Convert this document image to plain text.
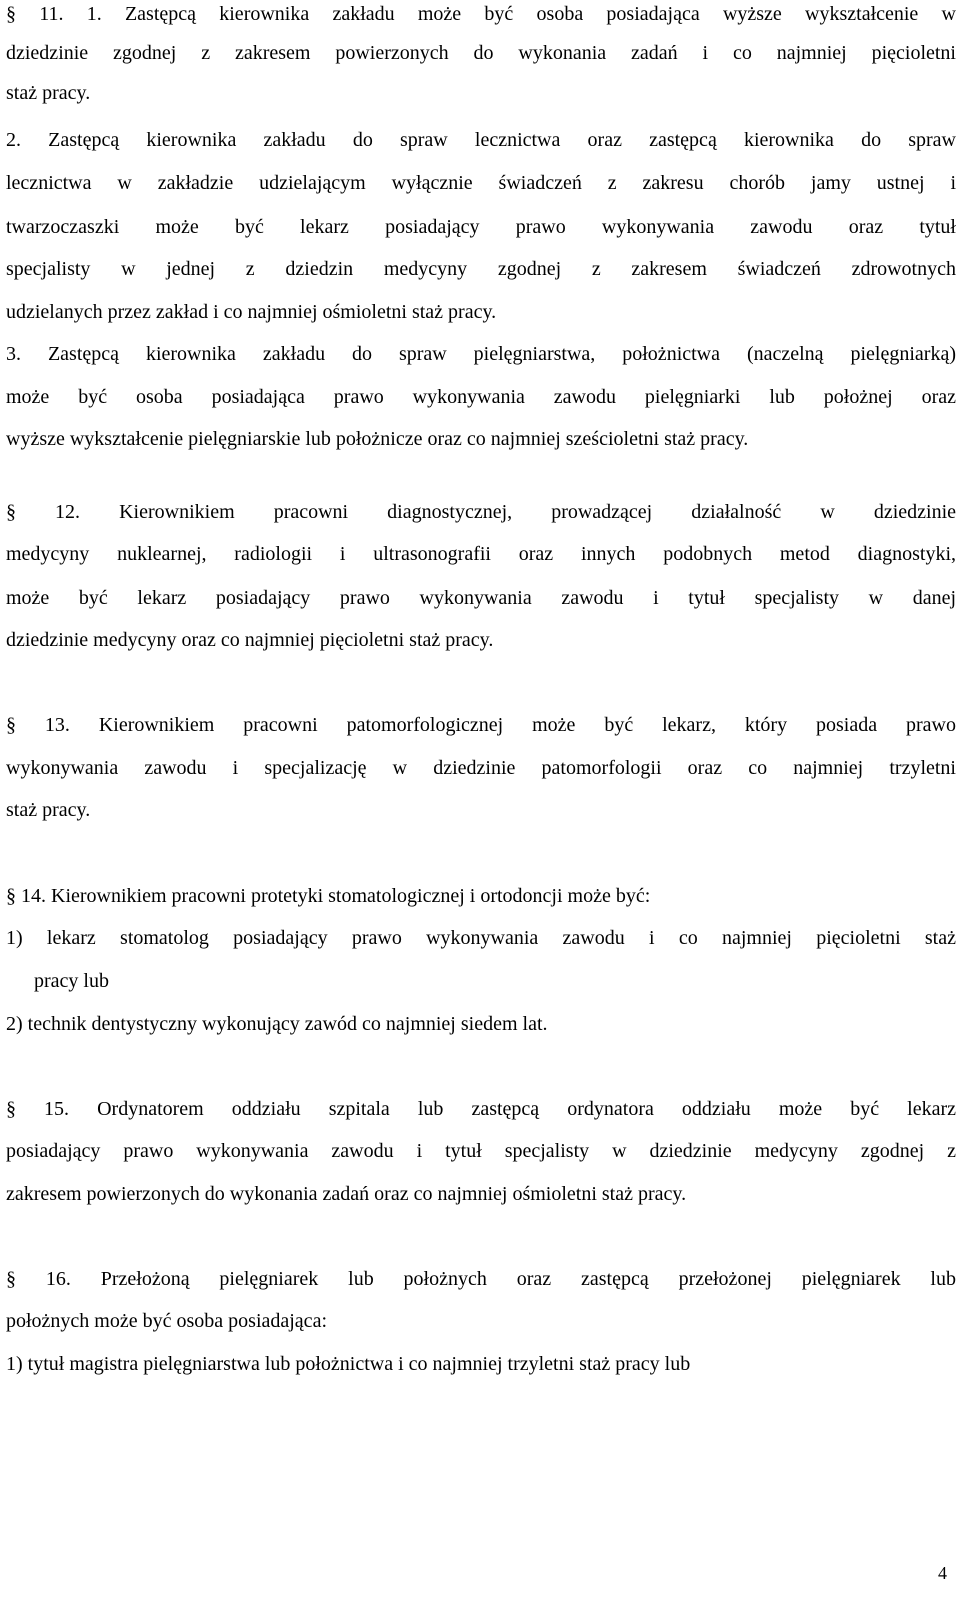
§ 11. 1. Zastępcą kierownika zakładu może być osoba posiadająca wyższe wykształcenie w
dziedzinie zgodnej z zakresem powierzonych do wykonania zadań i co najmniej pięcioletni
staż pracy.
2. Zastępcą kierownika zakładu do spraw lecznictwa oraz zastępcą kierownika do spraw
lecznictwa w zakładzie udzielającym wyłącznie świadczeń z zakresu chorób jamy ustnej i
twarzoczaszki może być lekarz posiadający prawo wykonywania zawodu oraz tytuł
specjalisty w jednej z dziedzin medycyny zgodnej z zakresem świadczeń zdrowotnych
udzielanych przez zakład i co najmniej ośmioletni staż pracy.
3. Zastępcą kierownika zakładu do spraw pielęgniarstwa, położnictwa (naczelną pielęgniarką)
może być osoba posiadająca prawo wykonywania zawodu pielęgniarki lub położnej oraz
wyższe wykształcenie pielęgniarskie lub położnicze oraz co najmniej sześcioletni staż pracy.
§ 12. Kierownikiem pracowni diagnostycznej, prowadzącej działalność w dziedzinie
medycyny nuklearnej, radiologii i ultrasonografii oraz innych podobnych metod diagnostyki,
może być lekarz posiadający prawo wykonywania zawodu i tytuł specjalisty w danej
dziedzinie medycyny oraz co najmniej pięcioletni staż pracy.
§ 13. Kierownikiem pracowni patomorfologicznej może być lekarz, który posiada prawo
wykonywania zawodu i specjalizację w dziedzinie patomorfologii oraz co najmniej trzyletni
staż pracy.
§ 14. Kierownikiem pracowni protetyki stomatologicznej i ortodoncji może być:
1) lekarz stomatolog posiadający prawo wykonywania zawodu i co najmniej pięcioletni staż
pracy lub
2) technik dentystyczny wykonujący zawód co najmniej siedem lat.
§ 15. Ordynatorem oddziału szpitala lub zastępcą ordynatora oddziału może być lekarz
posiadający prawo wykonywania zawodu i tytuł specjalisty w dziedzinie medycyny zgodnej z
zakresem powierzonych do wykonania zadań oraz co najmniej ośmioletni staż pracy.
§ 16. Przełożoną pielęgniarek lub położnych oraz zastępcą przełożonej pielęgniarek lub
położnych może być osoba posiadająca:
1) tytuł magistra pielęgniarstwa lub położnictwa i co najmniej trzyletni staż pracy lub
4
